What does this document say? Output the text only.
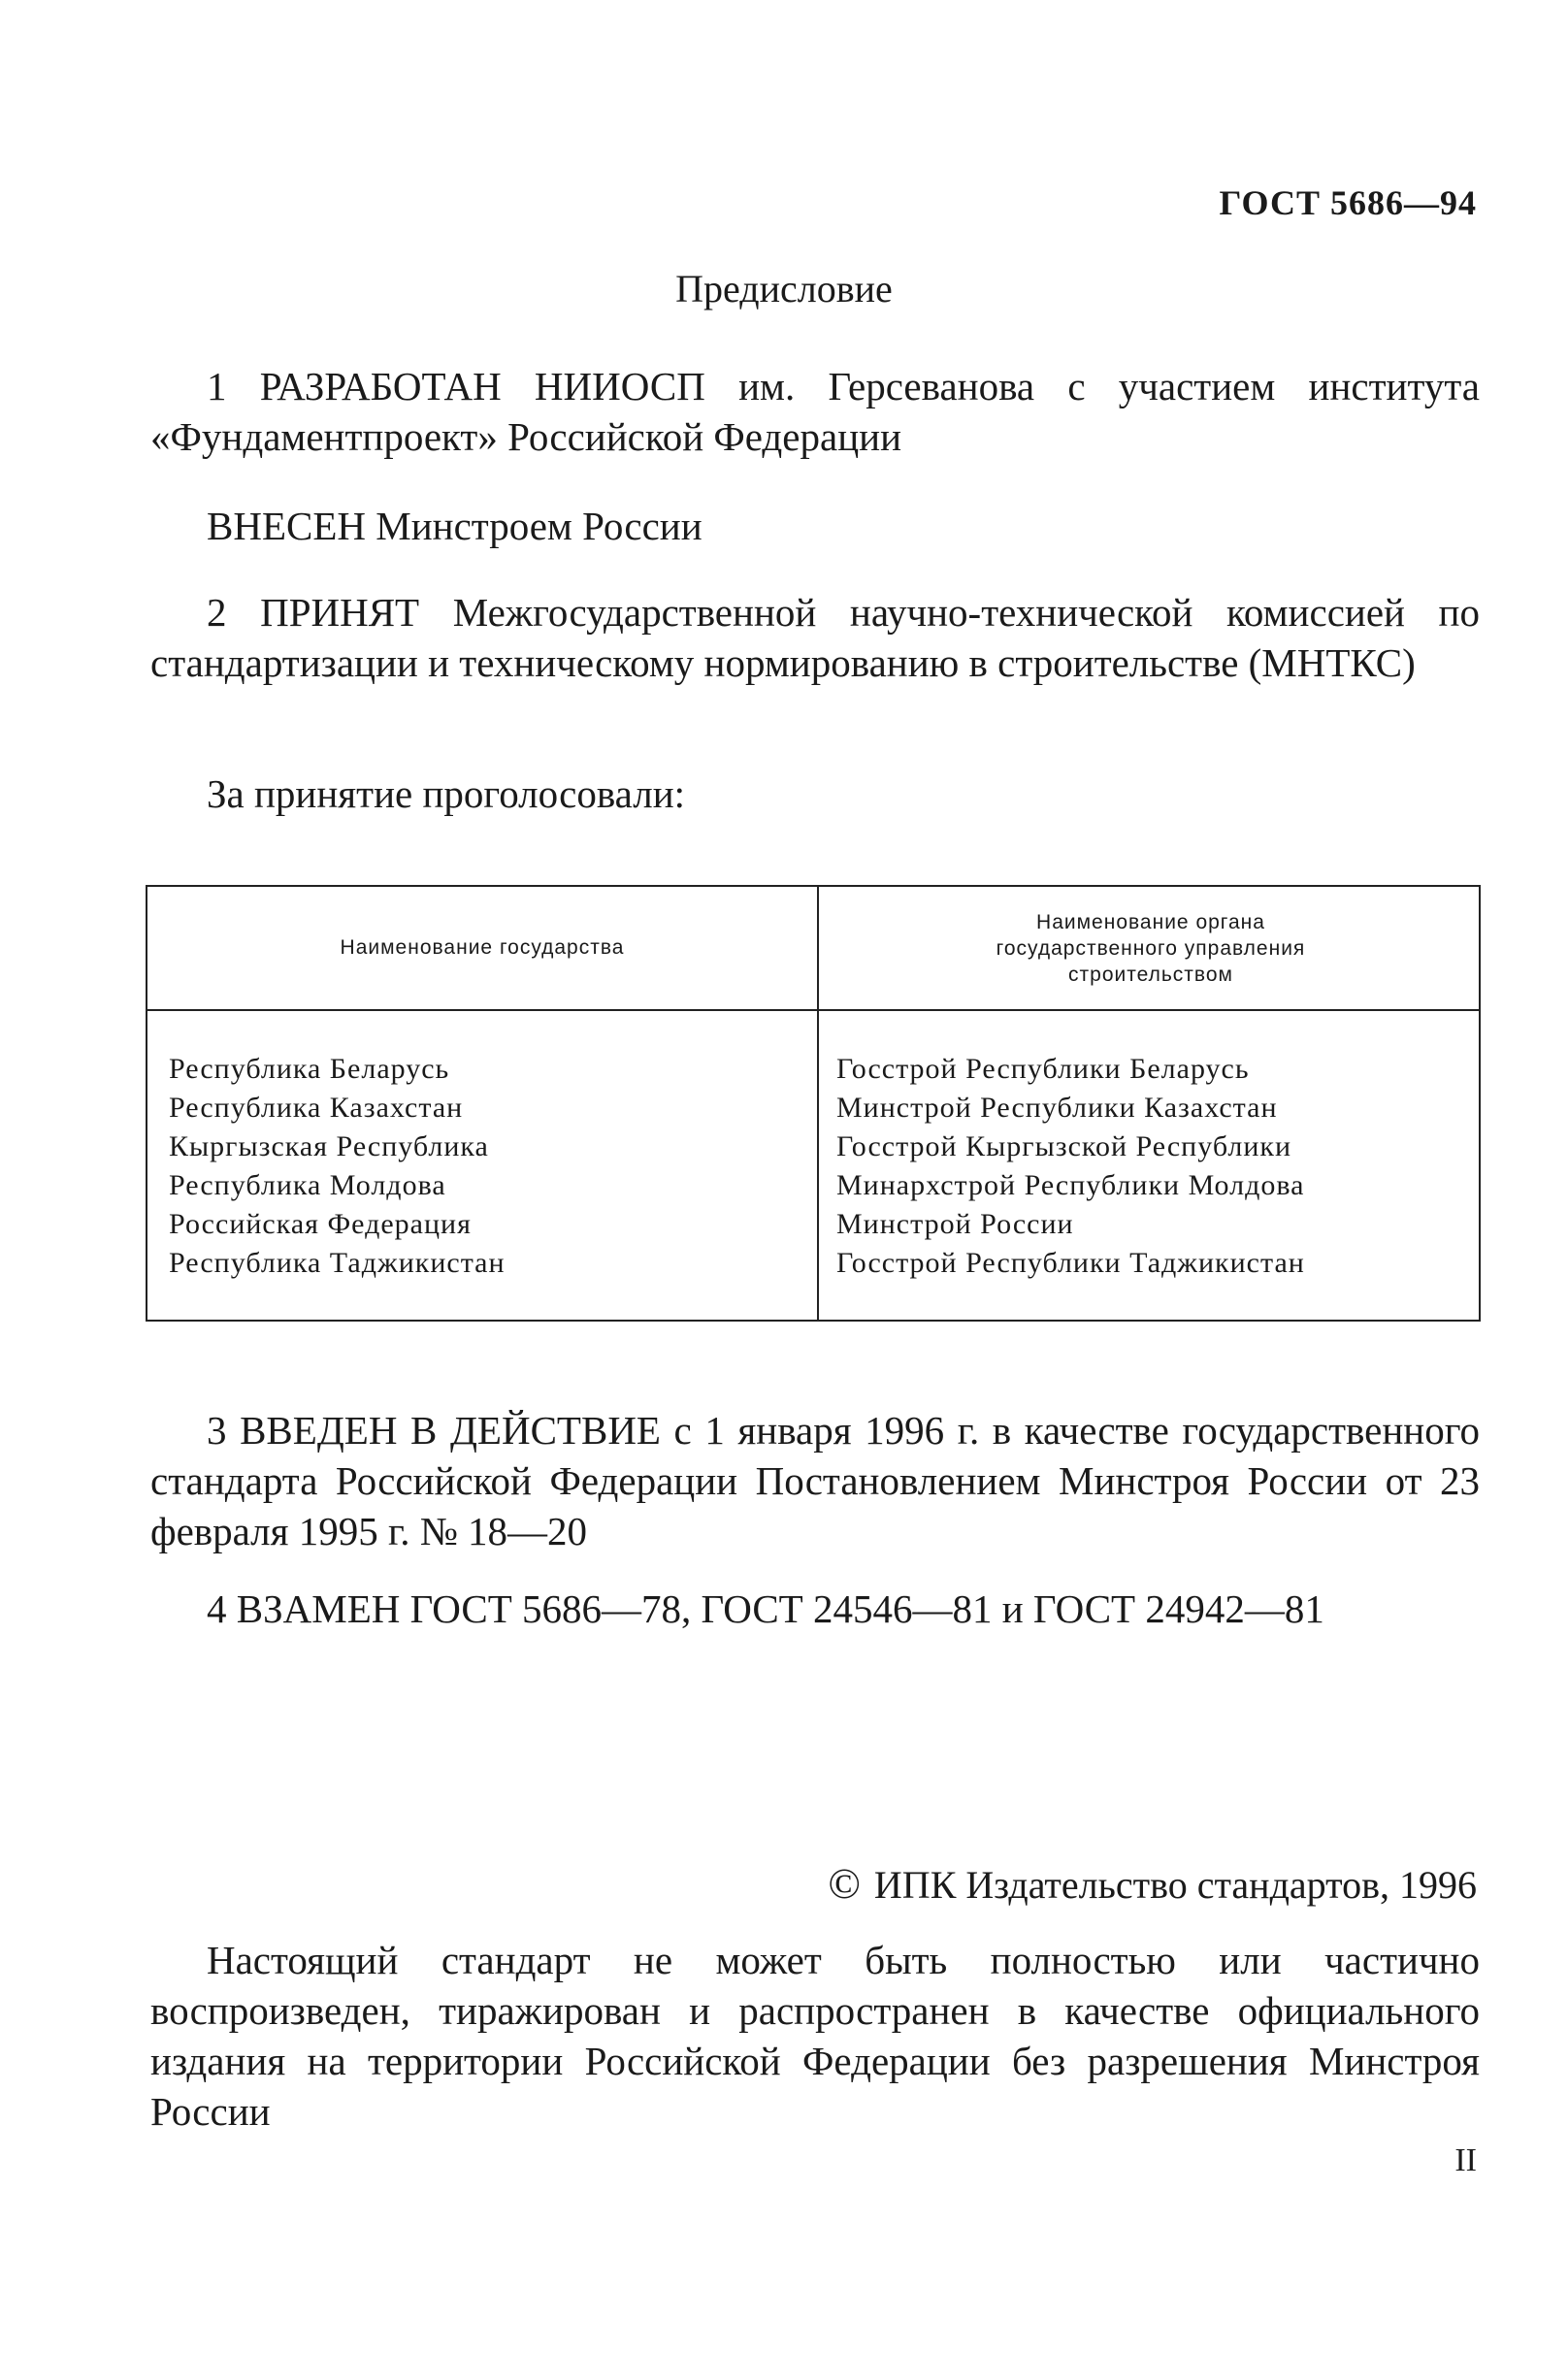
ГОСТ 5686—94
Предисловие
1 РАЗРАБОТАН НИИОСП им. Герсеванова с участием института «Фундаментпроект» Российской Федерации
ВНЕСЕН Минстроем России
2 ПРИНЯТ Межгосударственной научно-технической комиссией по стандартизации и техническому нормированию в строительстве (МНТКС)
За принятие проголосовали:
Наименование государства
Наименование органа
государственного управления
строительством
Республика Беларусь
Республика Казахстан
Кыргызская Республика
Республика Молдова
Российская Федерация
Республика Таджикистан
Госстрой Республики Беларусь
Минстрой Республики Казахстан
Госстрой Кыргызской Республики
Минархстрой Республики Молдова
Минстрой России
Госстрой Республики Таджикистан
3 ВВЕДЕН В ДЕЙСТВИЕ с 1 января 1996 г. в качестве государственного стандарта Российской Федерации Постановлением Минстроя России от 23 февраля 1995 г. № 18—20
4 ВЗАМЕН ГОСТ 5686—78, ГОСТ 24546—81 и ГОСТ 24942—81
© ИПК Издательство стандартов, 1996
Настоящий стандарт не может быть полностью или частично воспроизведен, тиражирован и распространен в качестве официального издания на территории Российской Федерации без разрешения Минстроя России
II
